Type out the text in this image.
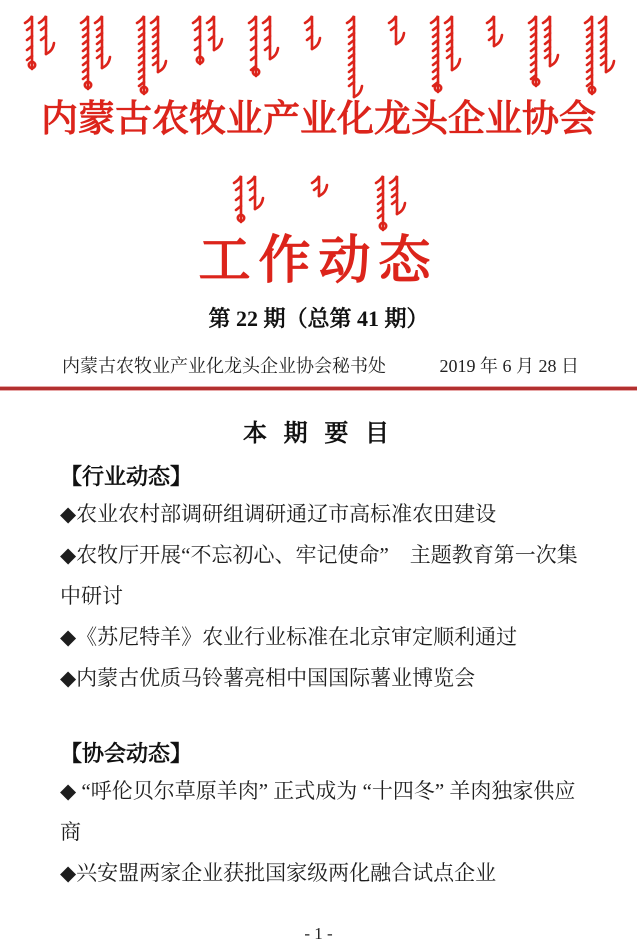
内蒙古农牧业产业化龙头企业协会
工作动态
第 22 期（总第 41 期）
内蒙古农牧业产业化龙头企业协会秘书处	2019 年 6 月 28 日
本 期 要 目
【行业动态】
◆农业农村部调研组调研通辽市高标准农田建设
◆农牧厅开展“不忘初心、牢记使命”　主题教育第一次集
中研讨
◆《苏尼特羊》农业行业标准在北京审定顺利通过
◆内蒙古优质马铃薯亮相中国国际薯业博览会
【协会动态】
◆ “呼伦贝尔草原羊肉” 正式成为 “十四冬” 羊肉独家供应
商
◆兴安盟两家企业获批国家级两化融合试点企业
- 1 -
